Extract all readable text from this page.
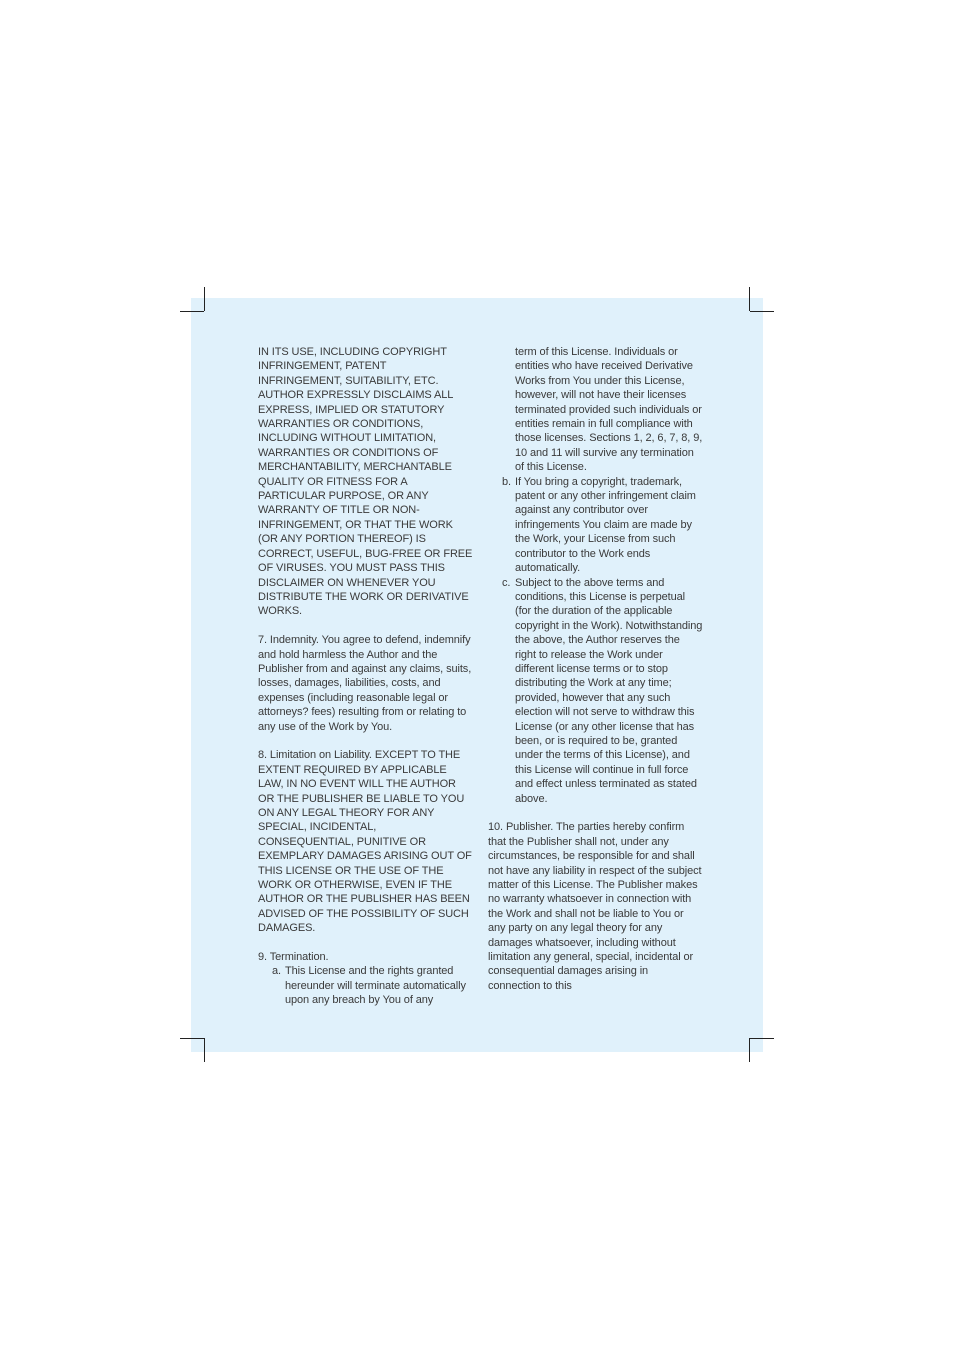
IN ITS USE, INCLUDING COPYRIGHT INFRINGEMENT, PATENT INFRINGEMENT, SUITABILITY, ETC. AUTHOR EXPRESSLY DISCLAIMS ALL EXPRESS, IMPLIED OR STATUTORY WARRANTIES OR CONDITIONS, INCLUDING WITHOUT LIMITATION, WARRANTIES OR CONDITIONS OF MERCHANTABILITY, MERCHANTABLE QUALITY OR FITNESS FOR A PARTICULAR PURPOSE, OR ANY WARRANTY OF TITLE OR NON-INFRINGEMENT, OR THAT THE WORK (OR ANY PORTION THEREOF) IS CORRECT, USEFUL, BUG-FREE OR FREE OF VIRUSES. YOU MUST PASS THIS DISCLAIMER ON WHENEVER YOU DISTRIBUTE THE WORK OR DERIVATIVE WORKS.

7. Indemnity. You agree to defend, indemnify and hold harmless the Author and the Publisher from and against any claims, suits, losses, damages, liabilities, costs, and expenses (including reasonable legal or attorneys? fees) resulting from or relating to any use of the Work by You.

8. Limitation on Liability. EXCEPT TO THE EXTENT REQUIRED BY APPLICABLE LAW, IN NO EVENT WILL THE AUTHOR OR THE PUBLISHER BE LIABLE TO YOU ON ANY LEGAL THEORY FOR ANY SPECIAL, INCIDENTAL, CONSEQUENTIAL, PUNITIVE OR EXEMPLARY DAMAGES ARISING OUT OF THIS LICENSE OR THE USE OF THE WORK OR OTHERWISE, EVEN IF THE AUTHOR OR THE PUBLISHER HAS BEEN ADVISED OF THE POSSIBILITY OF SUCH DAMAGES.

9. Termination.

a. This License and the rights granted hereunder will terminate automatically upon any breach by You of any

term of this License. Individuals or entities who have received Derivative Works from You under this License, however, will not have their licenses terminated provided such individuals or entities remain in full compliance with those licenses. Sections 1, 2, 6, 7, 8, 9, 10 and 11 will survive any termination of this License.

b. If You bring a copyright, trademark, patent or any other infringement claim against any contributor over infringements You claim are made by the Work, your License from such contributor to the Work ends automatically.

c. Subject to the above terms and conditions, this License is perpetual (for the duration of the applicable copyright in the Work). Notwithstanding the above, the Author reserves the right to release the Work under different license terms or to stop distributing the Work at any time; provided, however that any such election will not serve to withdraw this License (or any other license that has been, or is required to be, granted under the terms of this License), and this License will continue in full force and effect unless terminated as stated above.

10. Publisher. The parties hereby confirm that the Publisher shall not, under any circumstances, be responsible for and shall not have any liability in respect of the subject matter of this License. The Publisher makes no warranty whatsoever in connection with the Work and shall not be liable to You or any party on any legal theory for any damages whatsoever, including without limitation any general, special, incidental or consequential damages arising in connection to this
